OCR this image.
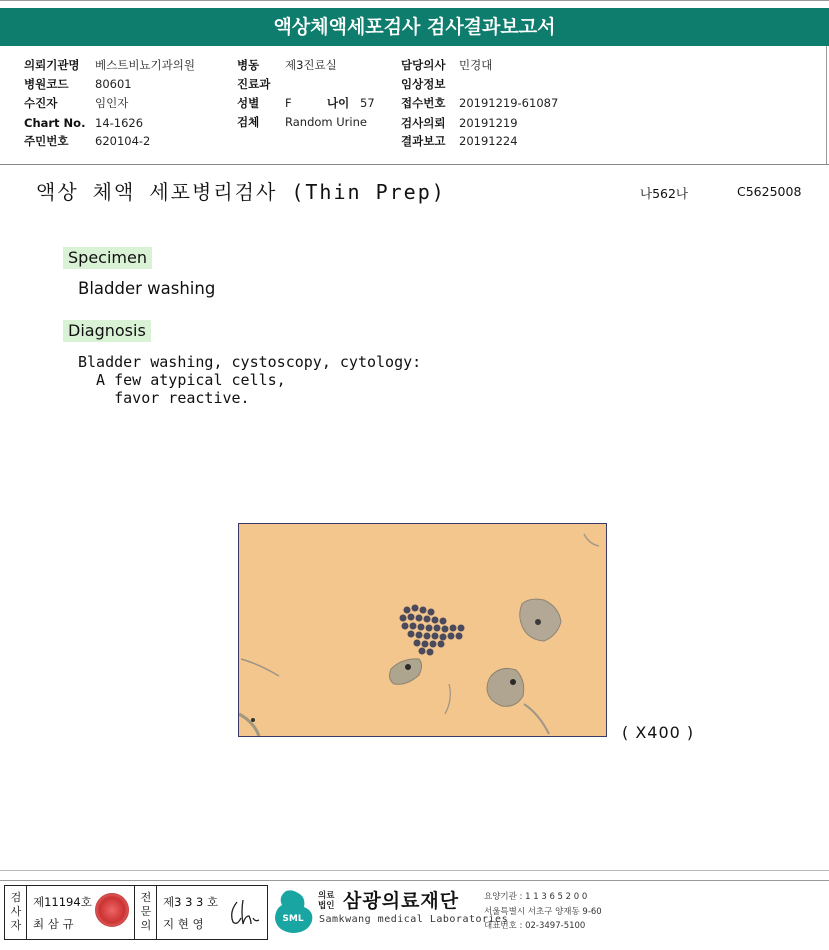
액상체액세포검사 검사결과보고서
의뢰기관명 베스트비뇨기과의원
병원코드 80601
수진자	임인자
Chart No. 14-1626
주민번호 620104-2
병동 제3진료실
진료과
성별 F	나이 57
검체 Random Urine
담당의사 민경대
임상정보
접수번호 20191219-61087
검사의뢰 20191219
결과보고 20191224
액상 체액 세포병리검사 (Thin Prep)	나562나	C5625008
Specimen
Bladder washing
Diagnosis
Bladder washing, cystoscopy, cytology:
A few atypical cells,
favor reactive.
( X400 )
검
사
자
제11194호
최 삼 규
전
문
의
제3 3 3 호
지 현 영	SML
의료
법인 삼광의료재단
Samkwang medical Laboratories
요양기관 : 1 1 3 6 5 2 0 0
서울특별시 서초구 양재동 9-60
대표번호 : 02-3497-5100
